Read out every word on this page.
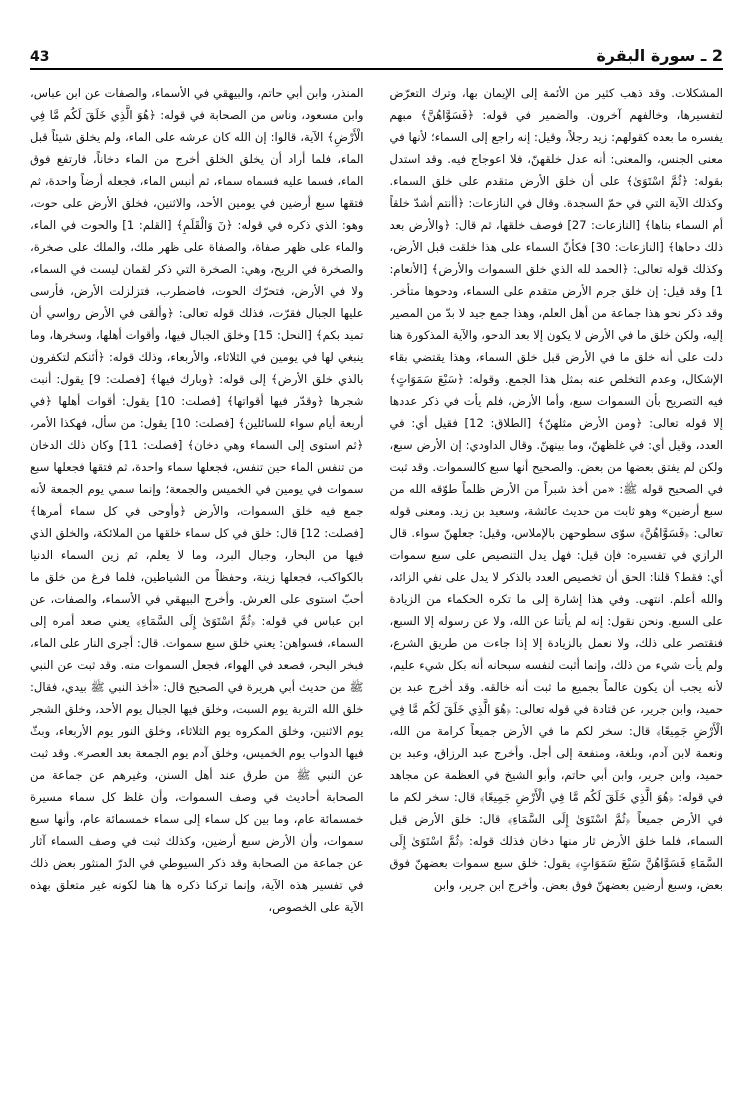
43	2 ـ سورة البقرة

المشكلات. وقد ذهب كثير من الأئمة إلى الإيمان بها، وترك التعرّض لتفسيرها، وخالفهم آخرون. والضمير في قوله: ﴿فَسَوَّاهُنَّ﴾ مبهم يفسره ما بعده كقولهم: زيد رجلاً، وقيل: إنه راجع إلى السماء؛ لأنها في معنى الجنس، والمعنى: أنه عدل خلقهنّ، فلا اعوجاج فيه. وقد استدل بقوله: ﴿ثُمَّ اسْتَوَىٰ﴾ على أن خلق الأرض متقدم على خلق السماء. وكذلك الآية التي في حمّ السجدة. وقال في النازعات: ﴿أأنتم أشدّ خلقاً أم السماء بناها﴾ [النازعات: 27] فوصف خلقها، ثم قال: ﴿والأرض بعد ذلك دحاها﴾ [النازعات: 30] فكأنّ السماء على هذا خلقت قبل الأرض، وكذلك قوله تعالى: ﴿الحمد لله الذي خلق السموات والأرض﴾ [الأنعام: 1] وقد قيل: إن خلق جرم الأرض متقدم على السماء، ودحوها متأخر. وقد ذكر نحو هذا جماعة من أهل العلم، وهذا جمع جيد لا بدّ من المصير إليه، ولكن خلق ما في الأرض لا يكون إلا بعد الدحو، والآية المذكورة هنا دلت على أنه خلق ما في الأرض قبل خلق السماء، وهذا يقتضي بقاء الإشكال، وعدم التخلص عنه بمثل هذا الجمع. وقوله: ﴿سَبْعَ سَمَوَاتٍ﴾ فيه التصريح بأن السموات سبع، وأما الأرض، فلم يأت في ذكر عددها إلا قوله تعالى: ﴿ومن الأرض مثلهنّ﴾ [الطلاق: 12] فقيل أي: في العدد، وقيل أي: في غلظهنّ، وما بينهنّ. وقال الداودي: إن الأرض سبع، ولكن لم يفتق بعضها من بعض. والصحيح أنها سبع كالسموات. وقد ثبت في الصحيح قوله ﷺ: «من أخذ شبراً من الأرض ظلماً طوّقه الله من سبع أرضين» وهو ثابت من حديث عائشة، وسعيد بن زيد. ومعنى قوله تعالى: ﴿فَسَوَّاهُنَّ﴾ سوّى سطوحهن بالإملاس، وقيل: جعلهنّ سواء. قال الرازي في تفسيره: فإن قيل: فهل يدل التنصيص على سبع سموات أي: فقط؟ قلنا: الحق أن تخصيص العدد بالذكر لا يدل على نفي الزائد، والله أعلم. انتهى. وفي هذا إشارة إلى ما تكره الحكماء من الزيادة على السبع. ونحن نقول: إنه لم يأتنا عن الله، ولا عن رسوله إلا السبع، فنقتصر على ذلك، ولا نعمل بالزيادة إلا إذا جاءت من طريق الشرع، ولم يأت شيء من ذلك، وإنما أثبت لنفسه سبحانه أنه بكل شيء عليم، لأنه يجب أن يكون عالماً بجميع ما ثبت أنه خالقه. وقد أخرج عبد بن حميد، وابن جرير، عن قتادة في قوله تعالى: ﴿هُوَ الَّذِي خَلَقَ لَكُم مَّا فِي الْأَرْضِ جَمِيعًا﴾ قال: سخر لكم ما في الأرض جميعاً كرامة من الله، ونعمة لابن آدم، وبلغة، ومنفعة إلى أجل. وأخرج عبد الرزاق، وعبد بن حميد، وابن جرير، وابن أبي حاتم، وأبو الشيخ في العظمة عن مجاهد في قوله: ﴿هُوَ الَّذِي خَلَقَ لَكُم مَّا فِي الْأَرْضِ جَمِيعًا﴾ قال: سخر لكم ما في الأرض جميعاً ﴿ثُمَّ اسْتَوَىٰ إِلَى السَّمَاءِ﴾ قال: خلق الأرض قبل السماء، فلما خلق الأرض ثار منها دخان فذلك قوله: ﴿ثُمَّ اسْتَوَىٰ إِلَى السَّمَاءِ فَسَوَّاهُنَّ سَبْعَ سَمَوَاتٍ﴾ يقول: خلق سبع سموات بعضهنّ فوق بعض، وسبع أرضين بعضهنّ فوق بعض. وأخرج ابن جرير، وابن

المنذر، وابن أبي حاتم، والبيهقي في الأسماء، والصفات عن ابن عباس، وابن مسعود، وناس من الصحابة في قوله: ﴿هُوَ الَّذِي خَلَقَ لَكُم مَّا فِي الْأَرْضِ﴾ الآية، قالوا: إن الله كان عرشه على الماء، ولم يخلق شيئاً قبل الماء، فلما أراد أن يخلق الخلق أخرج من الماء دخاناً، فارتفع فوق الماء، فسما عليه فسماه سماء، ثم أنبس الماء، فجعله أرضاً واحدة، ثم فتقها سبع أرضين في يومين الأحد، والاثنين، فخلق الأرض على حوت، وهو: الذي ذكره في قوله: ﴿نٓ وَالْقَلَمِ﴾ [القلم: 1] والحوت في الماء، والماء على ظهر صفاة، والصفاة على ظهر ملك، والملك على صخرة، والصخرة في الريح، وهي: الصخرة التي ذكر لقمان ليست في السماء، ولا في الأرض، فتحرّك الحوت، فاضطرب، فتزلزلت الأرض، فأرسى عليها الجبال فقرّت، فذلك قوله تعالى: ﴿وألقى في الأرض رواسي أن تميد بكم﴾ [النحل: 15] وخلق الجبال فيها، وأقوات أهلها، وسخرها، وما ينبغي لها في يومين في الثلاثاء، والأربعاء، وذلك قوله: ﴿أئنكم لتكفرون بالذي خلق الأرض﴾ إلى قوله: ﴿وبارك فيها﴾ [فصلت: 9] يقول: أنبت شجرها ﴿وقدّر فيها أقواتها﴾ [فصلت: 10] يقول: أقوات أهلها ﴿في أربعة أيام سواء للسائلين﴾ [فصلت: 10] يقول: من سأل، فهكذا الأمر، ﴿ثم استوى إلى السماء وهي دخان﴾ [فصلت: 11] وكان ذلك الدخان من تنفس الماء حين تنفس، فجعلها سماء واحدة، ثم فتقها فجعلها سبع سموات في يومين في الخميس والجمعة؛ وإنما سمي يوم الجمعة لأنه جمع فيه خلق السموات، والأرض ﴿وأوحى في كل سماء أمرها﴾ [فصلت: 12] قال: خلق في كل سماء خلقها من الملائكة، والخلق الذي فيها من البحار، وجبال البرد، وما لا يعلم، ثم زين السماء الدنيا بالكواكب، فجعلها زينة، وحفظاً من الشياطين، فلما فرغ من خلق ما أحبّ استوى على العرش. وأخرج البيهقي في الأسماء، والصفات، عن ابن عباس في قوله: ﴿ثُمَّ اسْتَوَىٰ إِلَى السَّمَاءِ﴾ يعني صعد أمره إلى السماء، فسواهن: يعني خلق سبع سموات. قال: أجرى النار على الماء، فبخر البحر، فصعد في الهواء، فجعل السموات منه. وقد ثبت عن النبي ﷺ من حديث أبي هريرة في الصحيح قال: «أخذ النبي ﷺ بيدي، فقال: خلق الله التربة يوم السبت، وخلق فيها الجبال يوم الأحد، وخلق الشجر يوم الاثنين، وخلق المكروه يوم الثلاثاء، وخلق النور يوم الأربعاء، وبثّ فيها الدواب يوم الخميس، وخلق آدم يوم الجمعة بعد العصر». وقد ثبت عن النبي ﷺ من طرق عند أهل السنن، وغيرهم عن جماعة من الصحابة أحاديث في وصف السموات، وأن غلظ كل سماء مسيرة خمسمائة عام، وما بين كل سماء إلى سماء خمسمائة عام، وأنها سبع سموات، وأن الأرض سبع أرضين، وكذلك ثبت في وصف السماء آثار عن جماعة من الصحابة وقد ذكر السيوطي في الدرّ المنثور بعض ذلك في تفسير هذه الآية، وإنما تركنا ذكره ها هنا لكونه غير متعلق بهذه الآية على الخصوص،
